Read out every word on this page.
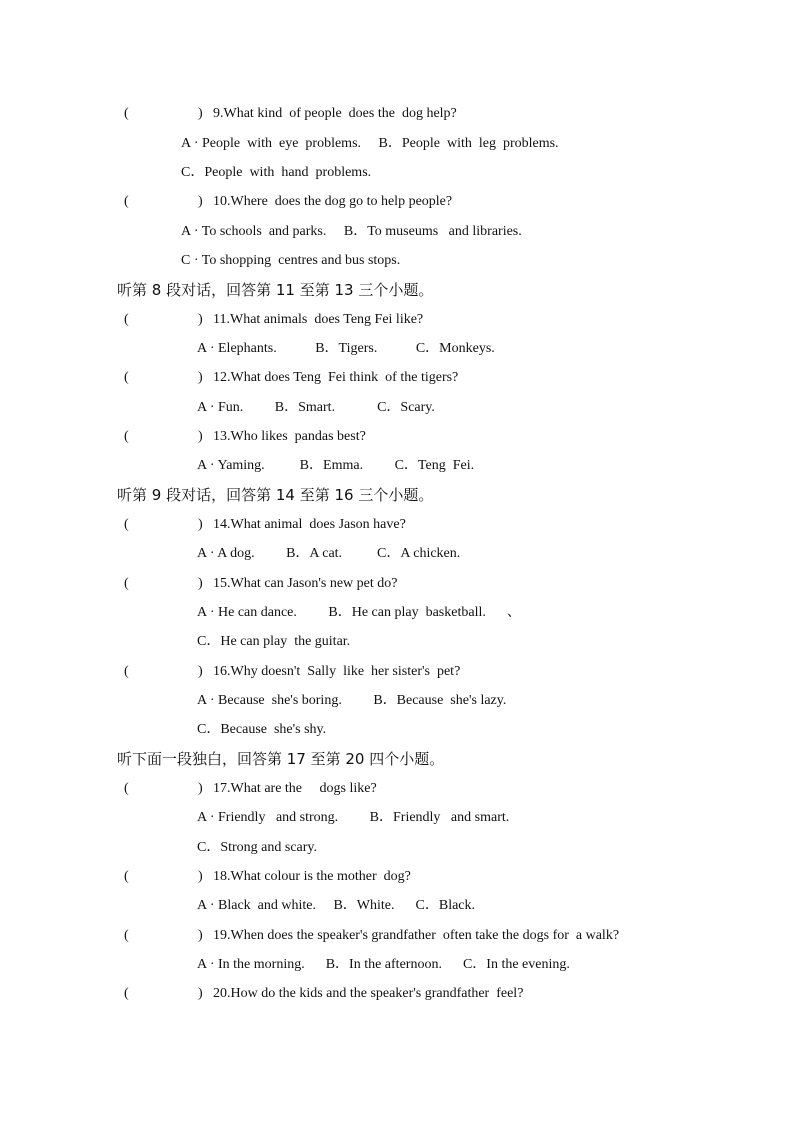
(	) 9.What kind  of people  does the  dog help?
A · People  with  eye  problems.     B．People  with  leg  problems.
C．People  with  hand  problems.
(	) 10.Where  does the dog go to help people?
A · To schools  and parks.     B．To museums   and libraries.
C · To shopping  centres and bus stops.
听第 8 段对话，回答第 11 至第 13 三个小题。
(	) 11.What animals  does Teng Fei like?
A · Elephants.           B．Tigers.           C．Monkeys.
(	) 12.What does Teng  Fei think  of the tigers?
A · Fun.         B．Smart.            C．Scary.
(	) 13.Who likes  pandas best?
A · Yaming.          B．Emma.         C．Teng  Fei.
听第 9 段对话，回答第 14 至第 16 三个小题。
(	) 14.What animal  does Jason have?
A · A dog.         B．A cat.          C．A chicken.
(	) 15.What can Jason's new pet do?
A · He can dance.         B．He can play  basketball.      、
C．He can play  the guitar.
(	) 16.Why doesn't  Sally  like  her sister's  pet?
A · Because  she's boring.         B．Because  she's lazy.
C．Because  she's shy.
听下面一段独白，回答第 17 至第 20 四个小题。
(	) 17.What are the     dogs like?
A · Friendly   and strong.         B．Friendly   and smart.
C．Strong and scary.
(	) 18.What colour is the mother  dog?
A · Black  and white.     B．White.      C．Black.
(	) 19.When does the speaker's grandfather  often take the dogs for  a walk?
A · In the morning.      B．In the afternoon.      C．In the evening.
(	) 20.How do the kids and the speaker's grandfather  feel?
